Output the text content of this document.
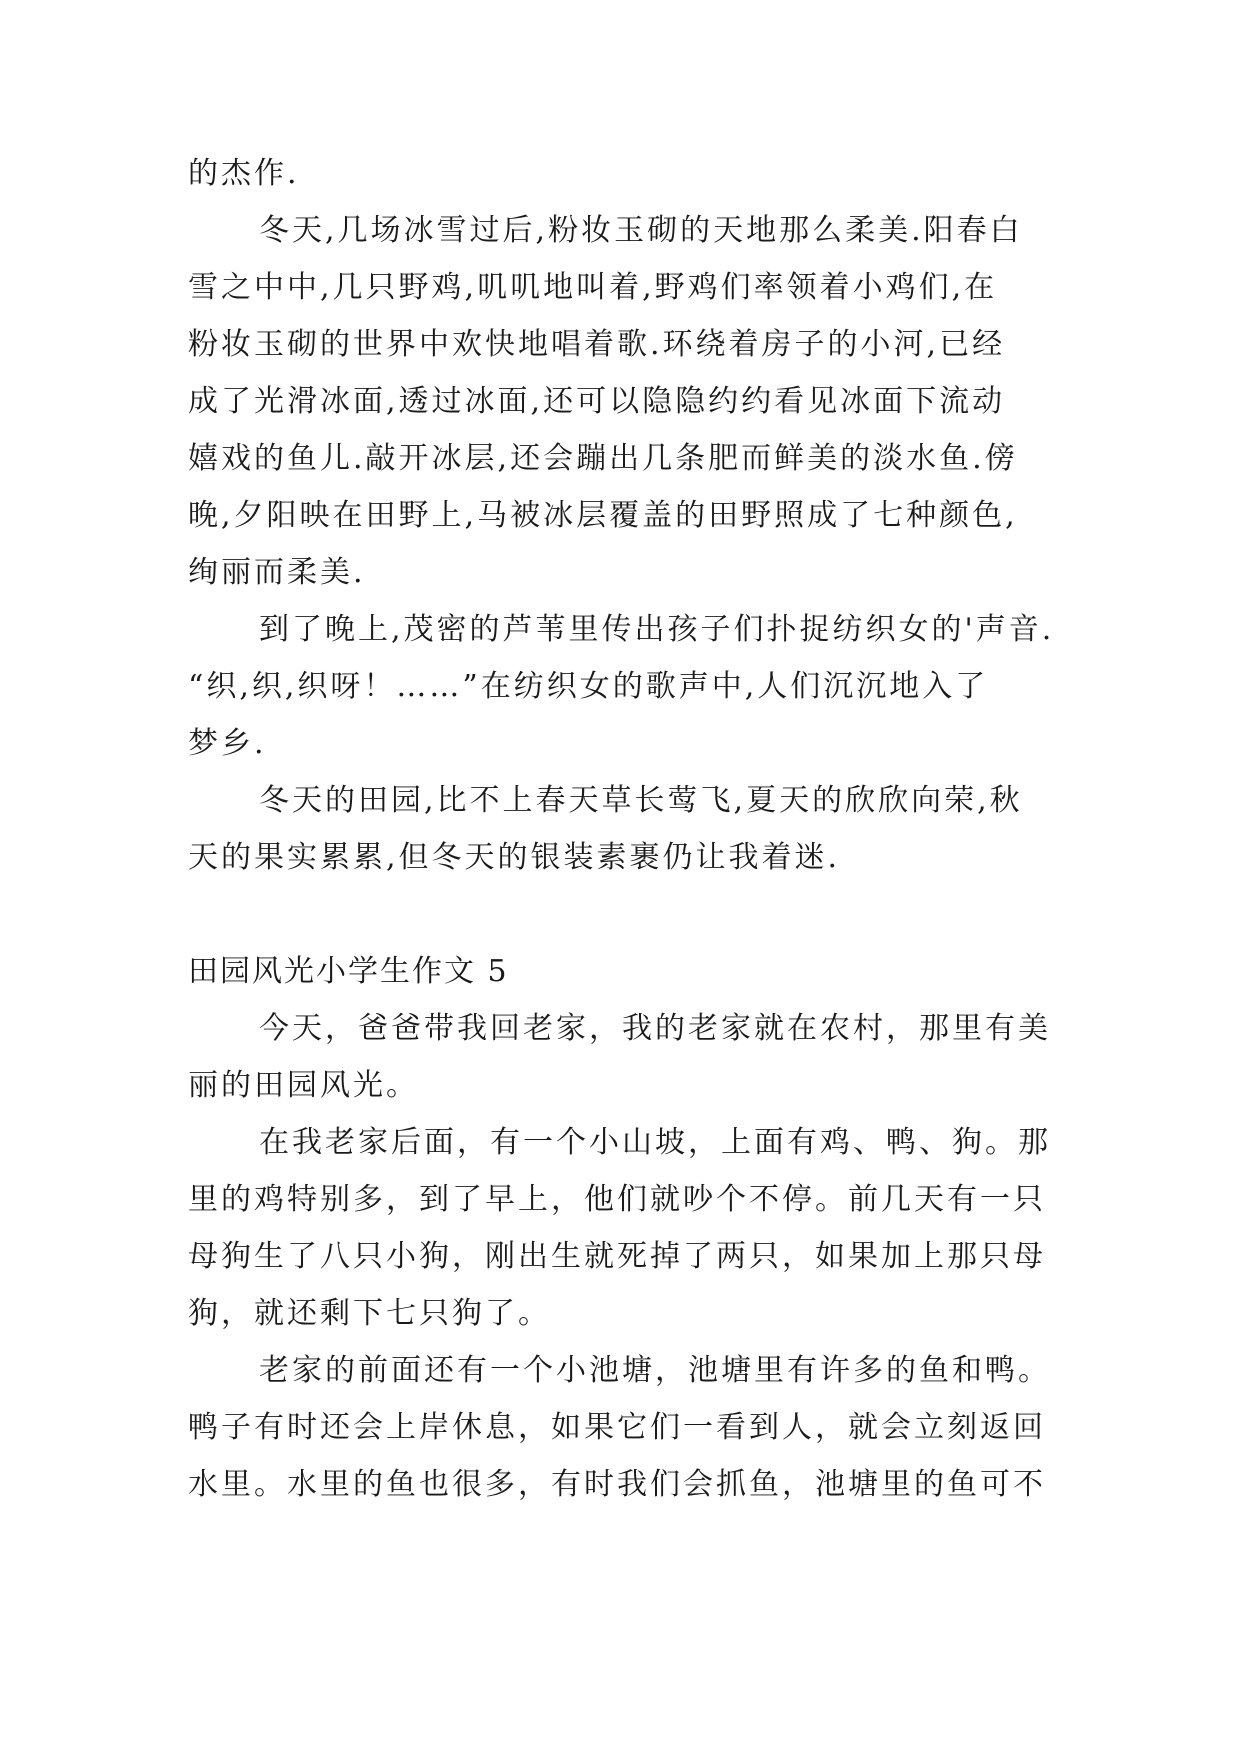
的杰作.
冬天,几场冰雪过后,粉妆玉砌的天地那么柔美.阳春白
雪之中中,几只野鸡,叽叽地叫着,野鸡们率领着小鸡们,在
粉妆玉砌的世界中欢快地唱着歌.环绕着房子的小河,已经
成了光滑冰面,透过冰面,还可以隐隐约约看见冰面下流动
嬉戏的鱼儿.敲开冰层,还会蹦出几条肥而鲜美的淡水鱼.傍
晚,夕阳映在田野上,马被冰层覆盖的田野照成了七种颜色,
绚丽而柔美.
到了晚上,茂密的芦苇里传出孩子们扑捉纺织女的'声音.
“织,织,织呀！……”在纺织女的歌声中,人们沉沉地入了
梦乡.
冬天的田园,比不上春天草长莺飞,夏天的欣欣向荣,秋
天的果实累累,但冬天的银装素裹仍让我着迷.
田园风光小学生作文 5
今天，爸爸带我回老家，我的老家就在农村，那里有美
丽的田园风光。
在我老家后面，有一个小山坡，上面有鸡、鸭、狗。那
里的鸡特别多，到了早上，他们就吵个不停。前几天有一只
母狗生了八只小狗，刚出生就死掉了两只，如果加上那只母
狗，就还剩下七只狗了。
老家的前面还有一个小池塘，池塘里有许多的鱼和鸭。
鸭子有时还会上岸休息，如果它们一看到人，就会立刻返回
水里。水里的鱼也很多，有时我们会抓鱼，池塘里的鱼可不
